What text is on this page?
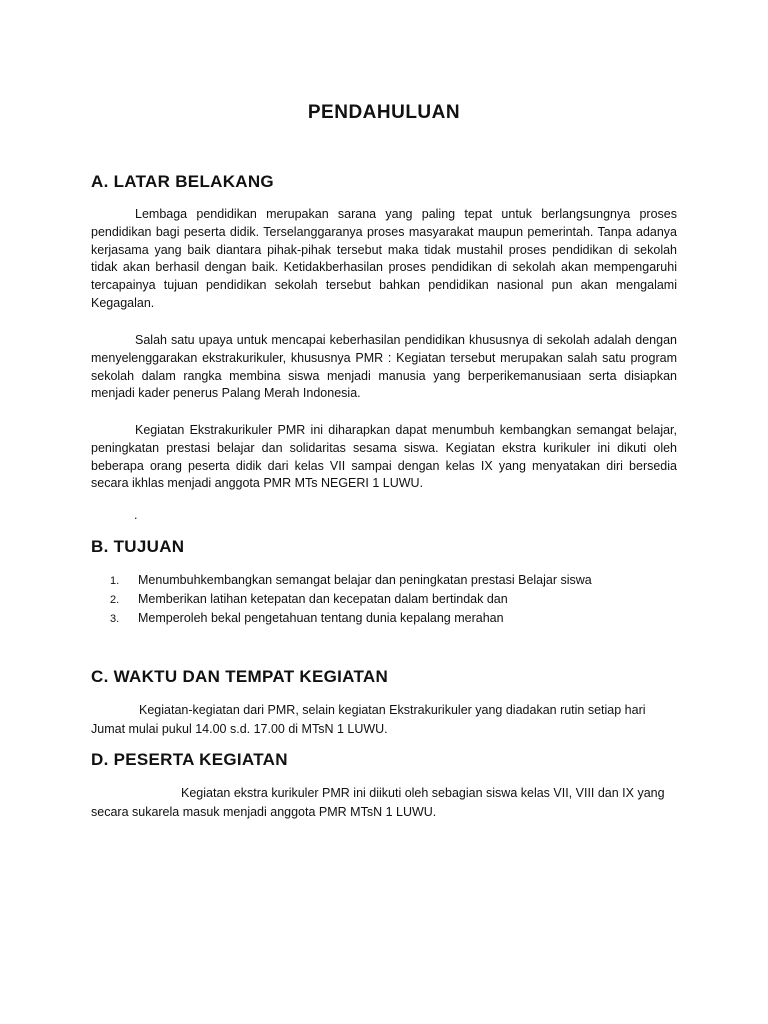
PENDAHULUAN
A. LATAR BELAKANG

Lembaga pendidikan merupakan sarana yang paling tepat untuk berlangsungnya proses pendidikan bagi peserta didik. Terselanggaranya proses masyarakat maupun pemerintah. Tanpa adanya kerjasama yang baik diantara pihak-pihak tersebut maka tidak mustahil proses pendidikan di sekolah tidak akan berhasil dengan baik. Ketidakberhasilan proses pendidikan di sekolah akan mempengaruhi tercapainya tujuan pendidikan sekolah tersebut bahkan pendidikan nasional pun akan mengalami Kegagalan.

Salah satu upaya untuk mencapai keberhasilan pendidikan khususnya di sekolah adalah dengan menyelenggarakan ekstrakurikuler, khususnya PMR : Kegiatan tersebut merupakan salah satu program sekolah dalam rangka membina siswa menjadi manusia yang berperikemanusiaan serta disiapkan menjadi kader penerus Palang Merah Indonesia.

Kegiatan Ekstrakurikuler PMR ini diharapkan dapat menumbuh kembangkan semangat belajar, peningkatan prestasi belajar dan solidaritas sesama siswa. Kegiatan ekstra kurikuler ini dikuti oleh beberapa orang peserta didik dari kelas VII sampai dengan kelas IX yang menyatakan diri bersedia secara ikhlas menjadi anggota PMR MTs NEGERI 1 LUWU.

.
B. TUJUAN
1. Menumbuhkembangkan semangat belajar dan peningkatan prestasi Belajar siswa
2. Memberikan latihan ketepatan dan kecepatan dalam bertindak dan
3. Memperoleh bekal pengetahuan tentang dunia kepalang merahan
C. WAKTU DAN TEMPAT KEGIATAN

Kegiatan-kegiatan dari PMR, selain kegiatan Ekstrakurikuler yang diadakan rutin setiap hari Jumat mulai pukul 14.00 s.d. 17.00 di MTsN 1 LUWU.

D. PESERTA KEGIATAN

Kegiatan ekstra kurikuler PMR ini diikuti oleh sebagian siswa kelas VII, VIII dan IX yang secara sukarela masuk menjadi anggota PMR MTsN 1 LUWU.
